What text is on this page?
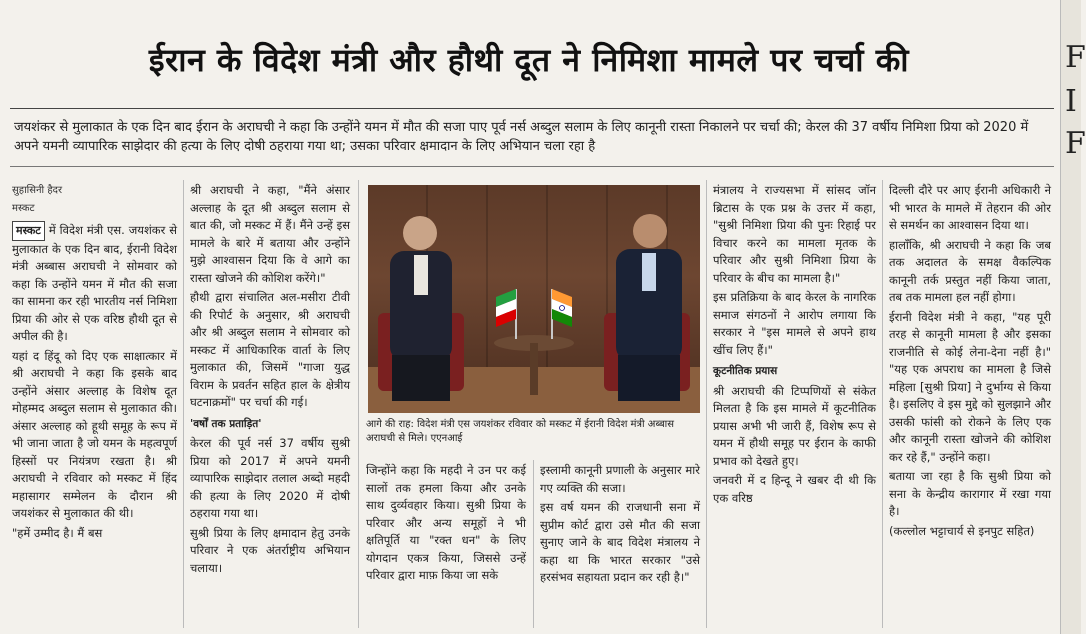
ईरान के विदेश मंत्री और हौथी दूत ने निमिशा मामले पर चर्चा की

जयशंकर से मुलाकात के एक दिन बाद ईरान के अराघची ने कहा कि उन्होंने यमन में मौत की सजा पाए पूर्व नर्स अब्दुल सलाम के लिए कानूनी रास्ता निकालने पर चर्चा की; केरल की 37 वर्षीय निमिशा प्रिया को 2020 में अपने यमनी व्यापारिक साझेदार की हत्या के लिए दोषी ठहराया गया था; उसका परिवार क्षमादान के लिए अभियान चला रहा है

सुहासिनी हैदर
मस्कट

मस्कट में विदेश मंत्री एस. जयशंकर से मुलाकात के एक दिन बाद, ईरानी विदेश मंत्री अब्बास अराघची ने सोमवार को कहा कि उन्होंने यमन में मौत की सजा का सामना कर रही भारतीय नर्स निमिशा प्रिया की ओर से एक वरिष्ठ हौथी दूत से अपील की है।

यहां द हिंदू को दिए एक साक्षात्कार में श्री अराघची ने कहा कि इसके बाद उन्होंने अंसार अल्लाह के विशेष दूत मोहम्मद अब्दुल सलाम से मुलाकात की। अंसार अल्लाह को हूथी समूह के रूप में भी जाना जाता है जो यमन के महत्वपूर्ण हिस्सों पर नियंत्रण रखता है। श्री अराघची ने रविवार को मस्कट में हिंद महासागर सम्मेलन के दौरान श्री जयशंकर से मुलाकात की थी।

"हमें उम्मीद है। मैं बस

श्री अराघची ने कहा, "मैंने अंसार अल्लाह के दूत श्री अब्दुल सलाम से बात की, जो मस्कट में हैं। मैंने उन्हें इस मामले के बारे में बताया और उन्होंने मुझे आश्वासन दिया कि वे आगे का रास्ता खोजने की कोशिश करेंगे।"

हौथी द्वारा संचालित अल-मसीरा टीवी की रिपोर्ट के अनुसार, श्री अराघची और श्री अब्दुल सलाम ने सोमवार को मस्कट में आधिकारिक वार्ता के लिए मुलाकात की, जिसमें "गाजा युद्ध विराम के प्रवर्तन सहित हाल के क्षेत्रीय घटनाक्रमों" पर चर्चा की गई।

'वर्षों तक प्रताड़ित'

केरल की पूर्व नर्स 37 वर्षीय सुश्री प्रिया को 2017 में अपने यमनी व्यापारिक साझेदार तलाल अब्दो महदी की हत्या के लिए 2020 में दोषी ठहराया गया था।

सुश्री प्रिया के लिए क्षमादान हेतु उनके परिवार ने एक अंतर्राष्ट्रीय अभियान चलाया।

आगे की राह: विदेश मंत्री एस जयशंकर रविवार को मस्कट में ईरानी विदेश मंत्री अब्बास अराघची से मिले। एएनआई

जिन्होंने कहा कि महदी ने उन पर कई सालों तक हमला किया और उनके साथ दुर्व्यवहार किया। सुश्री प्रिया के परिवार और अन्य समूहों ने भी क्षतिपूर्ति या "रक्त धन" के लिए योगदान एकत्र किया, जिससे उन्हें परिवार द्वारा माफ़ किया जा सके

इस्लामी कानूनी प्रणाली के अनुसार मारे गए व्यक्ति की सजा।

इस वर्ष यमन की राजधानी सना में सुप्रीम कोर्ट द्वारा उसे मौत की सजा सुनाए जाने के बाद विदेश मंत्रालय ने कहा था कि भारत सरकार "उसे हरसंभव सहायता प्रदान कर रही है।"

मंत्रालय ने राज्यसभा में सांसद जॉन ब्रिटास के एक प्रश्न के उत्तर में कहा, "सुश्री निमिशा प्रिया की पुनः रिहाई पर विचार करने का मामला मृतक के परिवार और सुश्री निमिशा प्रिया के परिवार के बीच का मामला है।"

इस प्रतिक्रिया के बाद केरल के नागरिक समाज संगठनों ने आरोप लगाया कि सरकार ने "इस मामले से अपने हाथ खींच लिए हैं।"

कूटनीतिक प्रयास

श्री अराघची की टिप्पणियों से संकेत मिलता है कि इस मामले में कूटनीतिक प्रयास अभी भी जारी हैं, विशेष रूप से यमन में हौथी समूह पर ईरान के काफी प्रभाव को देखते हुए।

जनवरी में द हिन्दू ने खबर दी थी कि एक वरिष्ठ

दिल्ली दौरे पर आए ईरानी अधिकारी ने भी भारत के मामले में तेहरान की ओर से समर्थन का आश्वासन दिया था।

हालाँकि, श्री अराघची ने कहा कि जब तक अदालत के समक्ष वैकल्पिक कानूनी तर्क प्रस्तुत नहीं किया जाता, तब तक मामला हल नहीं होगा।

ईरानी विदेश मंत्री ने कहा, "यह पूरी तरह से कानूनी मामला है और इसका राजनीति से कोई लेना-देना नहीं है।" "यह एक अपराध का मामला है जिसे महिला [सुश्री प्रिया] ने दुर्भाग्य से किया है। इसलिए वे इस मुद्दे को सुलझाने और उसकी फांसी को रोकने के लिए एक और कानूनी रास्ता खोजने की कोशिश कर रहे हैं," उन्होंने कहा।

बताया जा रहा है कि सुश्री प्रिया को सना के केन्द्रीय कारागार में रखा गया है।

(कल्लोल भट्टाचार्य से इनपुट सहित)

F
I
F
